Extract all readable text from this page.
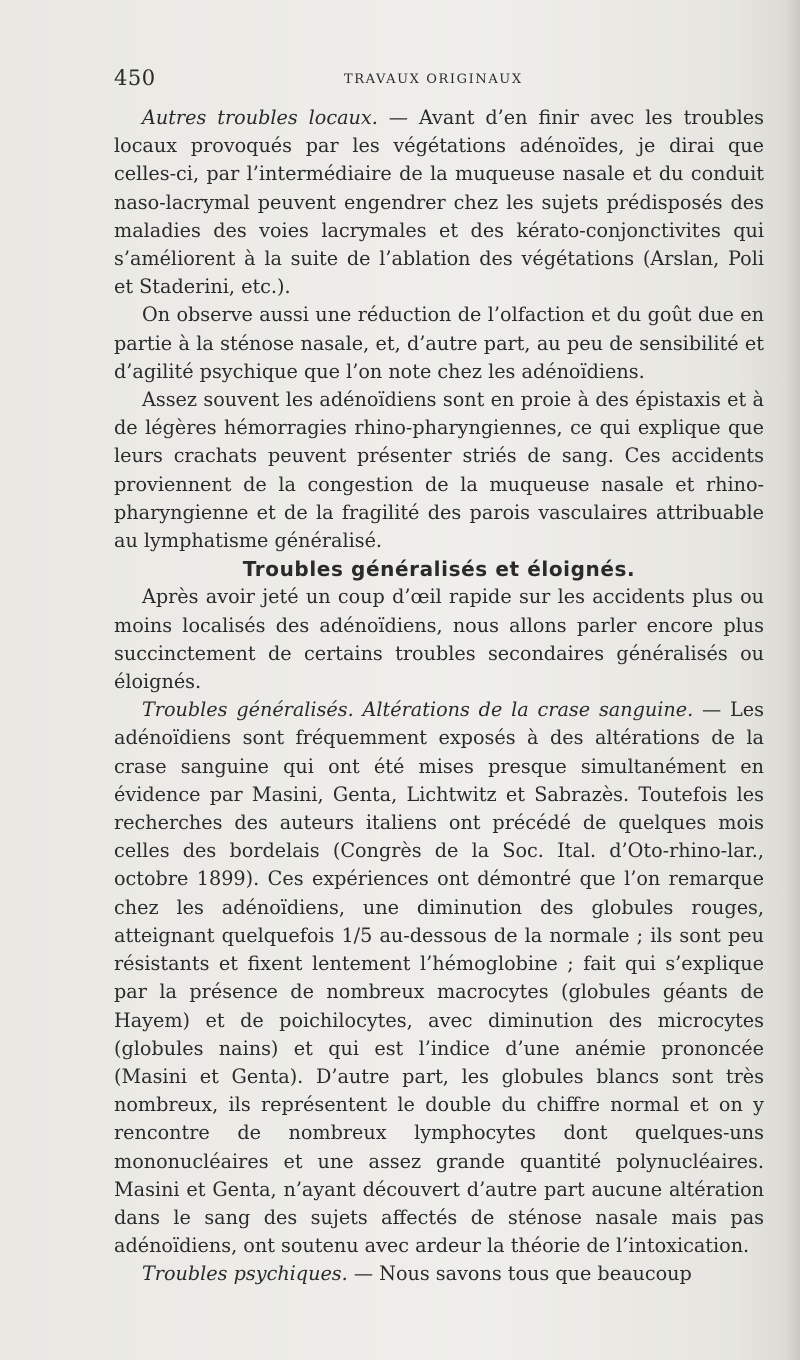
450	TRAVAUX ORIGINAUX

Autres troubles locaux. — Avant d’en finir avec les troubles locaux provoqués par les végétations adénoïdes, je dirai que celles-ci, par l’intermédiaire de la muqueuse nasale et du conduit naso-lacrymal peuvent engendrer chez les sujets prédisposés des maladies des voies lacrymales et des kérato-conjonctivites qui s’améliorent à la suite de l’ablation des végétations (Arslan, Poli et Staderini, etc.).

On observe aussi une réduction de l’olfaction et du goût due en partie à la sténose nasale, et, d’autre part, au peu de sensibilité et d’agilité psychique que l’on note chez les adénoïdiens.

Assez souvent les adénoïdiens sont en proie à des épistaxis et à de légères hémorragies rhino-pharyngiennes, ce qui explique que leurs crachats peuvent présenter striés de sang. Ces accidents proviennent de la congestion de la muqueuse nasale et rhino-pharyngienne et de la fragilité des parois vasculaires attribuable au lymphatisme généralisé.

Troubles généralisés et éloignés.

Après avoir jeté un coup d’œil rapide sur les accidents plus ou moins localisés des adénoïdiens, nous allons parler encore plus succinctement de certains troubles secondaires généralisés ou éloignés.

Troubles généralisés. Altérations de la crase sanguine. — Les adénoïdiens sont fréquemment exposés à des altérations de la crase sanguine qui ont été mises presque simultanément en évidence par Masini, Genta, Lichtwitz et Sabrazès. Toutefois les recherches des auteurs italiens ont précédé de quelques mois celles des bordelais (Congrès de la Soc. Ital. d’Oto-rhino-lar., octobre 1899). Ces expériences ont démontré que l’on remarque chez les adénoïdiens, une diminution des globules rouges, atteignant quelquefois 1/5 au-dessous de la normale ; ils sont peu résistants et fixent lentement l’hémoglobine ; fait qui s’explique par la présence de nombreux macrocytes (globules géants de Hayem) et de poichilocytes, avec diminution des microcytes (globules nains) et qui est l’indice d’une anémie prononcée (Masini et Genta). D’autre part, les globules blancs sont très nombreux, ils représentent le double du chiffre normal et on y rencontre de nombreux lymphocytes dont quelques-uns mononucléaires et une assez grande quantité polynucléaires. Masini et Genta, n’ayant découvert d’autre part aucune altération dans le sang des sujets affectés de sténose nasale mais pas adénoïdiens, ont soutenu avec ardeur la théorie de l’intoxication.

Troubles psychiques. — Nous savons tous que beaucoup
